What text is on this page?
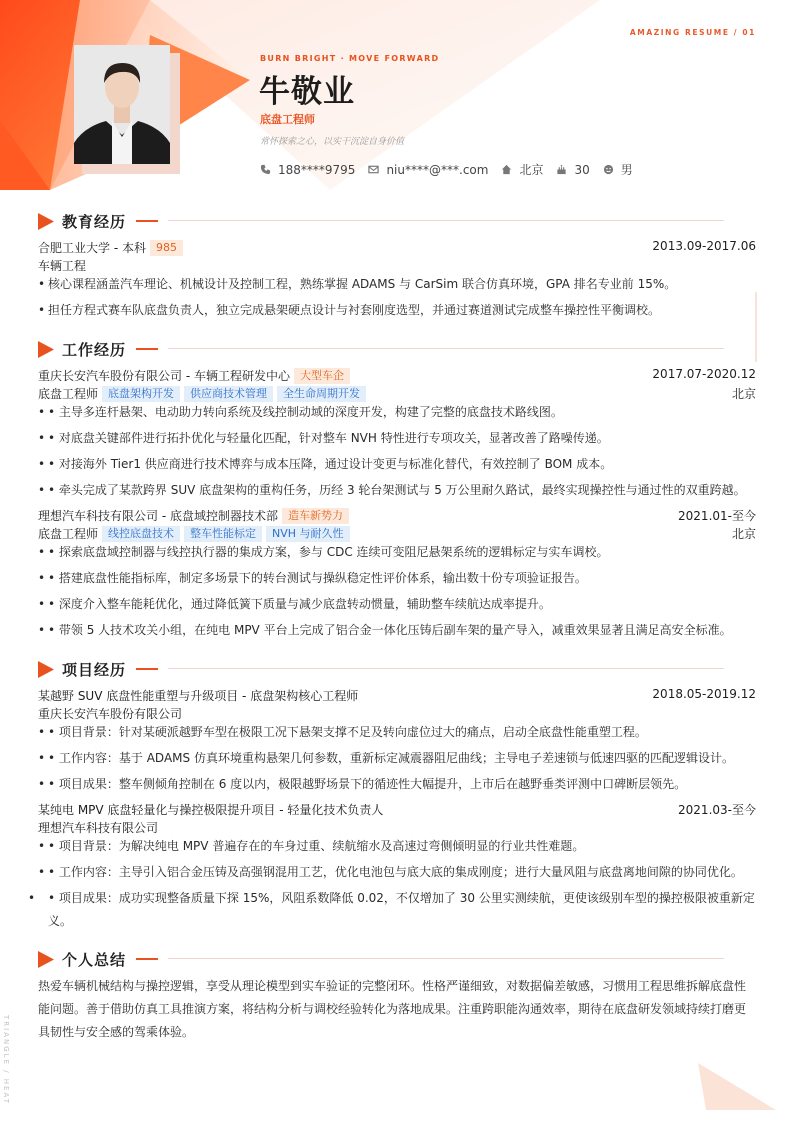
AMAZING RESUME / 01
BURN BRIGHT · MOVE FORWARD
牛敬业
底盘工程师
常怀探索之心，以实干沉淀自身价值
188****9795	niu****@***.com	北京	30	男
教育经历
合肥工业大学 - 本科 985	2013.09-2017.06
车辆工程
• 核心课程涵盖汽车理论、机械设计及控制工程，熟练掌握 ADAMS 与 CarSim 联合仿真环境，GPA 排名专业前 15%。
• 担任方程式赛车队底盘负责人，独立完成悬架硬点设计与衬套刚度选型，并通过赛道测试完成整车操控性平衡调校。
工作经历
重庆长安汽车股份有限公司 - 车辆工程研发中心 大型车企	2017.07-2020.12
底盘工程师 底盘架构开发 供应商技术管理 全生命周期开发	北京
• • 主导多连杆悬架、电动助力转向系统及线控制动域的深度开发，构建了完整的底盘技术路线图。
• • 对底盘关键部件进行拓扑优化与轻量化匹配，针对整车 NVH 特性进行专项攻关，显著改善了路噪传递。
• • 对接海外 Tier1 供应商进行技术博弈与成本压降，通过设计变更与标准化替代，有效控制了 BOM 成本。
• • 牵头完成了某款跨界 SUV 底盘架构的重构任务，历经 3 轮台架测试与 5 万公里耐久路试，最终实现操控性与通过性的双重跨越。
理想汽车科技有限公司 - 底盘域控制器技术部 造车新势力	2021.01-至今
底盘工程师 线控底盘技术 整车性能标定 NVH 与耐久性	北京
• • 探索底盘域控制器与线控执行器的集成方案，参与 CDC 连续可变阻尼悬架系统的逻辑标定与实车调校。
• • 搭建底盘性能指标库，制定多场景下的转台测试与操纵稳定性评价体系，输出数十份专项验证报告。
• • 深度介入整车能耗优化，通过降低簧下质量与减少底盘转动惯量，辅助整车续航达成率提升。
• • 带领 5 人技术攻关小组，在纯电 MPV 平台上完成了铝合金一体化压铸后副车架的量产导入，减重效果显著且满足高安全标准。
项目经历
某越野 SUV 底盘性能重塑与升级项目 - 底盘架构核心工程师	2018.05-2019.12
重庆长安汽车股份有限公司
• • 项目背景：针对某硬派越野车型在极限工况下悬架支撑不足及转向虚位过大的痛点，启动全底盘性能重塑工程。
• • 工作内容：基于 ADAMS 仿真环境重构悬架几何参数，重新标定减震器阻尼曲线；主导电子差速锁与低速四驱的匹配逻辑设计。
• • 项目成果：整车侧倾角控制在 6 度以内，极限越野场景下的循迹性大幅提升，上市后在越野垂类评测中口碑断层领先。
某纯电 MPV 底盘轻量化与操控极限提升项目 - 轻量化技术负责人	2021.03-至今
理想汽车科技有限公司
• • 项目背景：为解决纯电 MPV 普遍存在的车身过重、续航缩水及高速过弯侧倾明显的行业共性难题。
• • 工作内容：主导引入铝合金压铸及高强钢混用工艺，优化电池包与底大底的集成刚度；进行大量风阻与底盘离地间隙的协同优化。
• • 项目成果：成功实现整备质量下探 15%，风阻系数降低 0.02，不仅增加了 30 公里实测续航，更使该级别车型的操控极限被重新定义。
个人总结
热爱车辆机械结构与操控逻辑，享受从理论模型到实车验证的完整闭环。性格严谨细致，对数据偏差敏感，习惯用工程思维拆解底盘性能问题。善于借助仿真工具推演方案，将结构分析与调校经验转化为落地成果。注重跨职能沟通效率，期待在底盘研发领域持续打磨更具韧性与安全感的驾乘体验。
TRIANGLE / HEAT
